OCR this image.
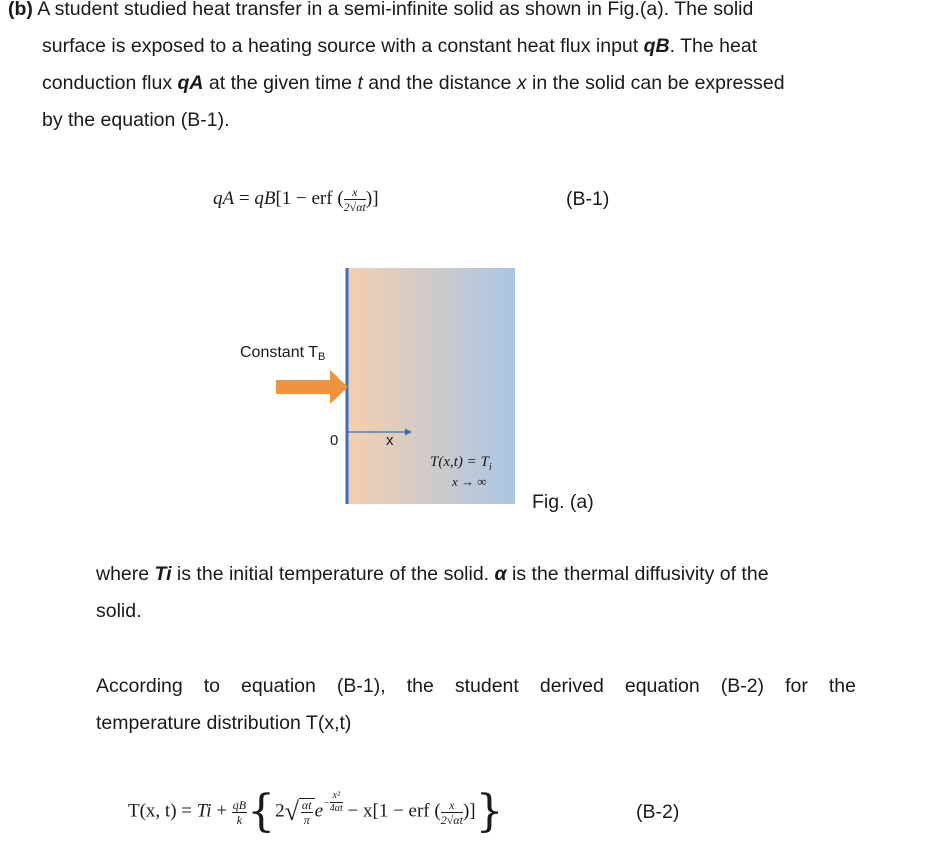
(b) A student studied heat transfer in a semi-infinite solid as shown in Fig.(a). The solid

surface is exposed to a heating source with a constant heat flux input qB. The heat

conduction flux qA at the given time t and the distance x in the solid can be expressed

by the equation (B-1).

qA = qB[1 − erf ( $\frac{x}{2√\alpha t}$ )]	(B-1)
Constant TB
0	x
$T(x,t) = T_i$
x → ∞
Fig. (a)

where Ti is the initial temperature of the solid. α is the thermal diffusivity of the

solid.

According to equation (B-1), the student derived equation (B-2) for the

temperature distribution T(x,t)

T(x, $t) = Ti + \frac{qB}{k} \{2√ \frac{\alpha t}{\pi} e- \frac{\text{x²}}{4\alpha t} - x[1$ − erf ( $\frac{x}{2√\alpha t}$ )]}	(B-2)
